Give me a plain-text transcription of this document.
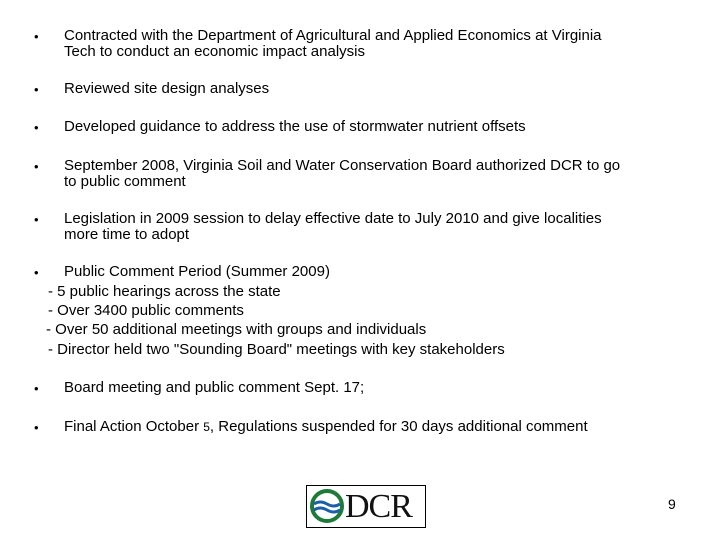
• Contracted with the Department of Agricultural and Applied Economics at Virginia
Tech to conduct an economic impact analysis
• Reviewed site design analyses
• Developed guidance to address the use of stormwater nutrient offsets
• September 2008, Virginia Soil and Water Conservation Board authorized DCR to go
to public comment
• Legislation in 2009 session to delay effective date to July 2010 and give localities
more time to adopt
• Public Comment Period (Summer 2009)
- 5 public hearings across the state
- Over 3400 public comments
- Over 50 additional meetings with groups and individuals
- Director held two "Sounding Board" meetings with key stakeholders
• Board meeting and public comment Sept. 17;
• Final Action October 5, Regulations suspended for 30 days additional comment
DCR	9
